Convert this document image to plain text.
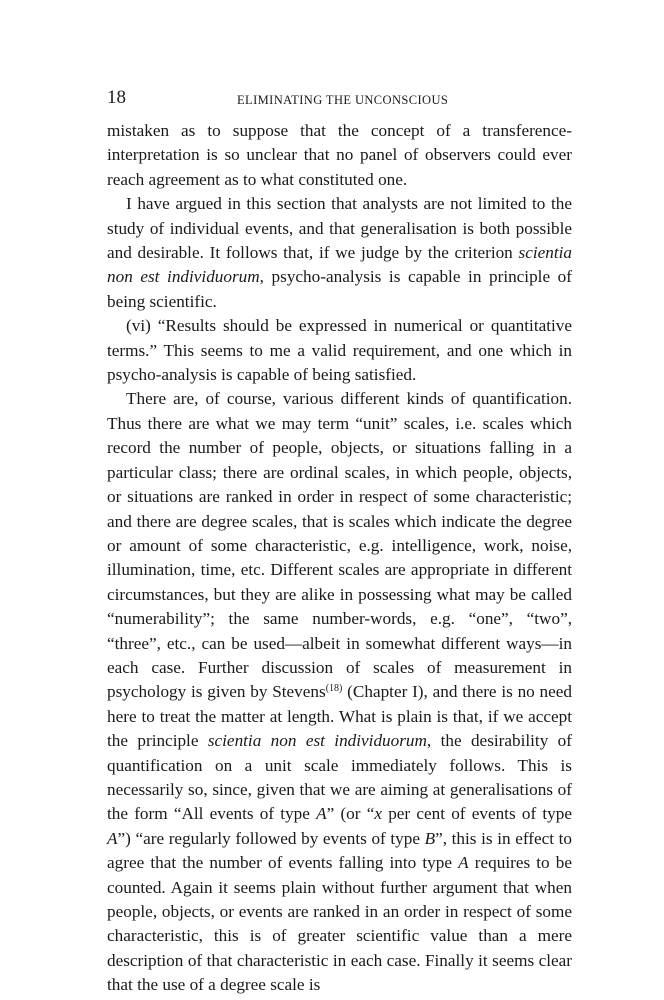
18	ELIMINATING THE UNCONSCIOUS

mistaken as to suppose that the concept of a transference-interpretation is so unclear that no panel of observers could ever reach agreement as to what constituted one.

I have argued in this section that analysts are not limited to the study of individual events, and that generalisation is both possible and desirable. It follows that, if we judge by the criterion scientia non est individuorum, psycho-analysis is capable in principle of being scientific.

(vi) “Results should be expressed in numerical or quantitative terms.” This seems to me a valid requirement, and one which in psycho-analysis is capable of being satisfied.

There are, of course, various different kinds of quantification. Thus there are what we may term “unit” scales, i.e. scales which record the number of people, objects, or situations falling in a particular class; there are ordinal scales, in which people, objects, or situations are ranked in order in respect of some characteristic; and there are degree scales, that is scales which indicate the degree or amount of some characteristic, e.g. intelligence, work, noise, illumination, time, etc. Different scales are appropriate in different circumstances, but they are alike in possessing what may be called “numerability”; the same number-words, e.g. “one”, “two”, “three”, etc., can be used—albeit in somewhat different ways—in each case. Further discussion of scales of measurement in psychology is given by Stevens$^{(18)}$ (Chapter I), and there is no need here to treat the matter at length. What is plain is that, if we accept the principle scientia non est individuorum, the desirability of quantification on a unit scale immediately follows. This is necessarily so, since, given that we are aiming at generalisations of the form “All events of type A” (or “x per cent of events of type A”) “are regularly followed by events of type B”, this is in effect to agree that the number of events falling into type A requires to be counted. Again it seems plain without further argument that when people, objects, or events are ranked in an order in respect of some characteristic, this is of greater scientific value than a mere description of that characteristic in each case. Finally it seems clear that the use of a degree scale is
